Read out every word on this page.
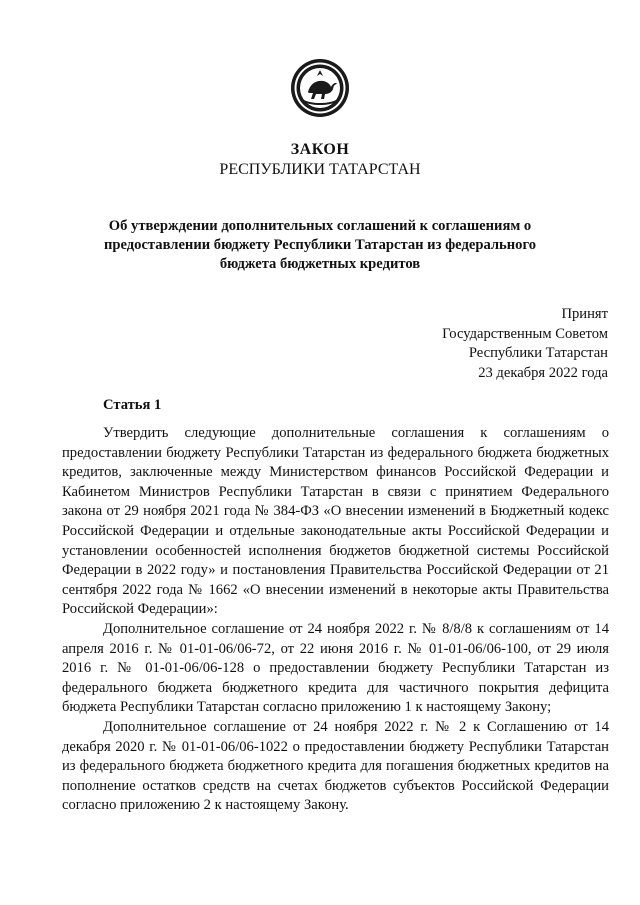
ЗАКОН
РЕСПУБЛИКИ ТАТАРСТАН
Об утверждении дополнительных соглашений к соглашениям о предоставлении бюджету Республики Татарстан из федерального бюджета бюджетных кредитов
Принят
Государственным Советом
Республики Татарстан
23 декабря 2022 года
Статья 1

Утвердить следующие дополнительные соглашения к соглашениям о предоставлении бюджету Республики Татарстан из федерального бюджета бюджетных кредитов, заключенные между Министерством финансов Российской Федерации и Кабинетом Министров Республики Татарстан в связи с принятием Федерального закона от 29 ноября 2021 года № 384-ФЗ «О внесении изменений в Бюджетный кодекс Российской Федерации и отдельные законодательные акты Российской Федерации и установлении особенностей исполнения бюджетов бюджетной системы Российской Федерации в 2022 году» и постановления Правительства Российской Федерации от 21 сентября 2022 года № 1662 «О внесении изменений в некоторые акты Правительства Российской Федерации»:

Дополнительное соглашение от 24 ноября 2022 г. № 8/8/8 к соглашениям от 14 апреля 2016 г. № 01-01-06/06-72, от 22 июня 2016 г. № 01-01-06/06-100, от 29 июля 2016 г. № 01-01-06/06-128 о предоставлении бюджету Республики Татарстан из федерального бюджета бюджетного кредита для частичного покрытия дефицита бюджета Республики Татарстан согласно приложению 1 к настоящему Закону;

Дополнительное соглашение от 24 ноября 2022 г. № 2 к Соглашению от 14 декабря 2020 г. № 01-01-06/06-1022 о предоставлении бюджету Республики Татарстан из федерального бюджета бюджетного кредита для погашения бюджетных кредитов на пополнение остатков средств на счетах бюджетов субъектов Российской Федерации согласно приложению 2 к настоящему Закону.
